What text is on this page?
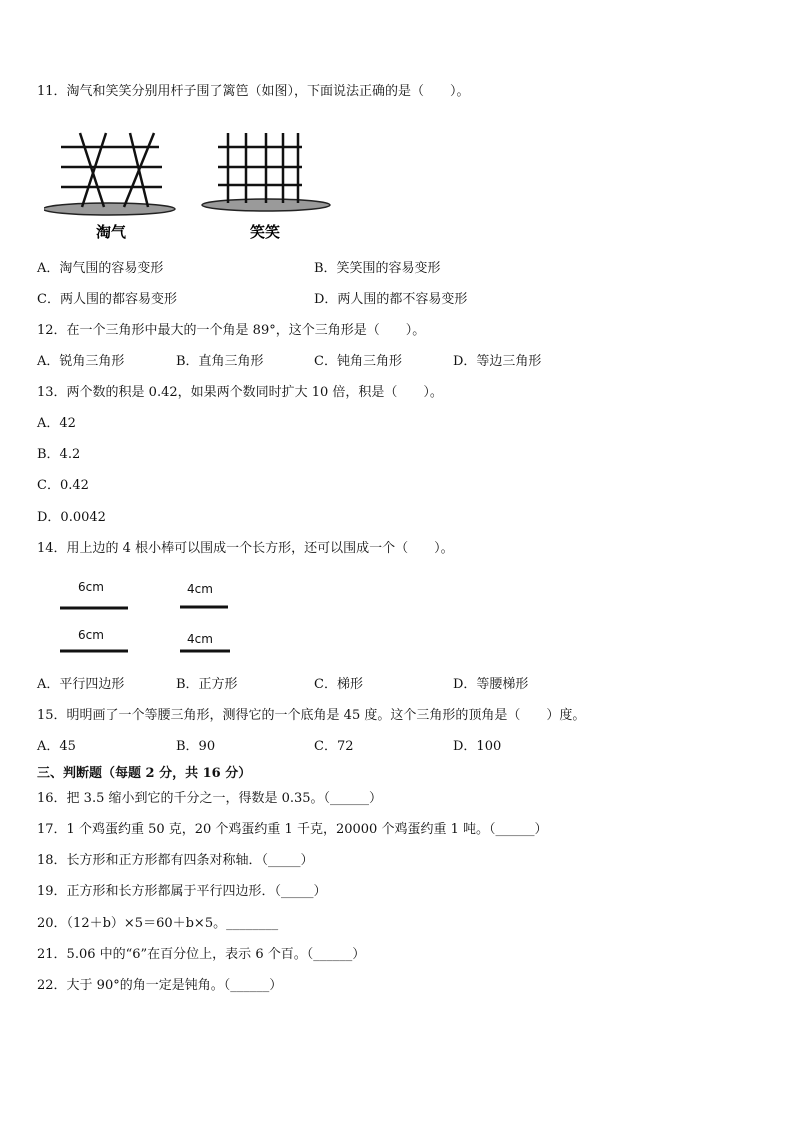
11．淘气和笑笑分别用杆子围了篱笆（如图），下面说法正确的是（　　）。
淘气	笑笑
A．淘气围的容易变形	B．笑笑围的容易变形
C．两人围的都容易变形	D．两人围的都不容易变形
12．在一个三角形中最大的一个角是 89°，这个三角形是（　　）。
A．锐角三角形	B．直角三角形	C．钝角三角形	D．等边三角形
13．两个数的积是 0.42，如果两个数同时扩大 10 倍，积是（　　）。
A．42
B．4.2
C．0.42
D．0.0042
14．用上边的 4 根小棒可以围成一个长方形，还可以围成一个（　　）。
6cm	4cm
6cm	4cm
A．平行四边形	B．正方形	C．梯形	D．等腰梯形
15．明明画了一个等腰三角形，测得它的一个底角是 45 度。这个三角形的顶角是（　　）度。
A．45	B．90	C．72	D．100
三、判断题（每题 2 分，共 16 分）
16．把 3.5 缩小到它的千分之一，得数是 0.35。（______）
17．1 个鸡蛋约重 50 克，20 个鸡蛋约重 1 千克，20000 个鸡蛋约重 1 吨。（______）
18．长方形和正方形都有四条对称轴．（_____）
19．正方形和长方形都属于平行四边形．（_____）
20．（12＋b）×5＝60＋b×5。________
21．5.06 中的“6”在百分位上，表示 6 个百。（______）
22．大于 90°的角一定是钝角。（______）
